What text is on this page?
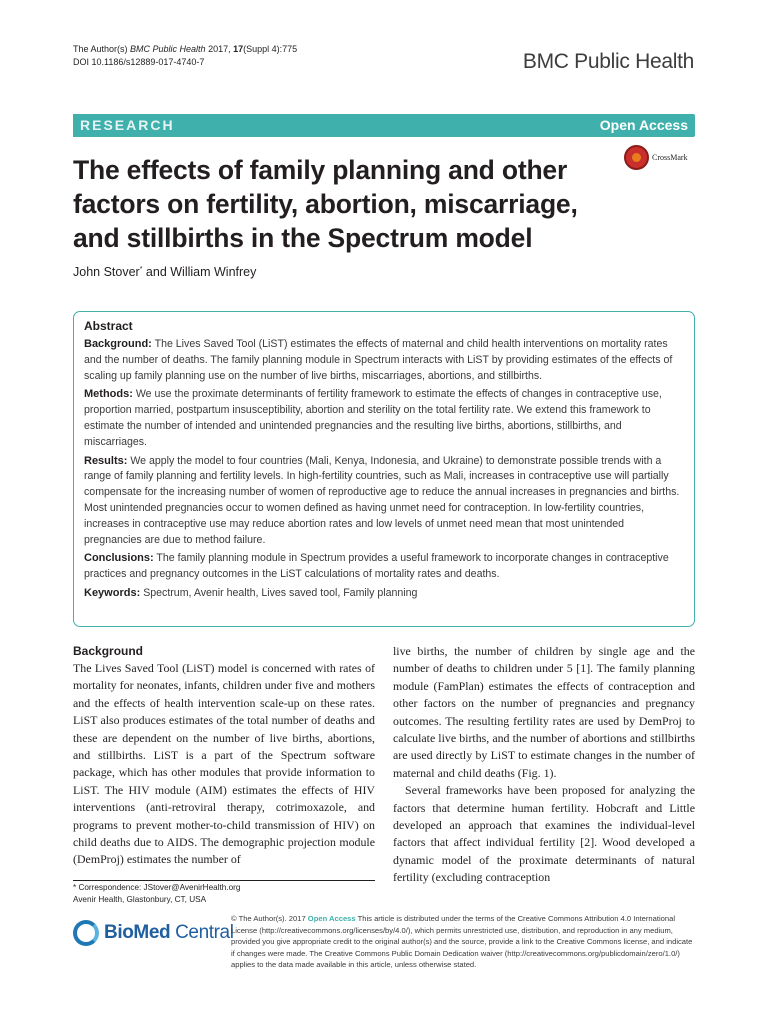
The Author(s) BMC Public Health 2017, 17(Suppl 4):775
DOI 10.1186/s12889-017-4740-7	BMC Public Health
RESEARCH	Open Access
The effects of family planning and other factors on fertility, abortion, miscarriage, and stillbirths in the Spectrum model
CrossMark
John Stover* and William Winfrey
Abstract

Background: The Lives Saved Tool (LiST) estimates the effects of maternal and child health interventions on mortality rates and the number of deaths. The family planning module in Spectrum interacts with LiST by providing estimates of the effects of scaling up family planning use on the number of live births, miscarriages, abortions, and stillbirths.

Methods: We use the proximate determinants of fertility framework to estimate the effects of changes in contraceptive use, proportion married, postpartum insusceptibility, abortion and sterility on the total fertility rate. We extend this framework to estimate the number of intended and unintended pregnancies and the resulting live births, abortions, stillbirths, and miscarriages.

Results: We apply the model to four countries (Mali, Kenya, Indonesia, and Ukraine) to demonstrate possible trends with a range of family planning and fertility levels. In high-fertility countries, such as Mali, increases in contraceptive use will partially compensate for the increasing number of women of reproductive age to reduce the annual increases in pregnancies and births. Most unintended pregnancies occur to women defined as having unmet need for contraception. In low-fertility countries, increases in contraceptive use may reduce abortion rates and low levels of unmet need mean that most unintended pregnancies are due to method failure.

Conclusions: The family planning module in Spectrum provides a useful framework to incorporate changes in contraceptive practices and pregnancy outcomes in the LiST calculations of mortality rates and deaths.

Keywords: Spectrum, Avenir health, Lives saved tool, Family planning

Background

The Lives Saved Tool (LiST) model is concerned with rates of mortality for neonates, infants, children under five and mothers and the effects of health intervention scale-up on these rates. LiST also produces estimates of the total number of deaths and these are dependent on the number of live births, abortions, and stillbirths. LiST is a part of the Spectrum software package, which has other modules that provide information to LiST. The HIV module (AIM) estimates the effects of HIV interventions (anti-retroviral therapy, cotrimoxazole, and programs to prevent mother-to-child transmission of HIV) on child deaths due to AIDS. The demographic projection module (DemProj) estimates the number of

live births, the number of children by single age and the number of deaths to children under 5 [1]. The family planning module (FamPlan) estimates the effects of contraception and other factors on the number of pregnancies and pregnancy outcomes. The resulting fertility rates are used by DemProj to calculate live births, and the number of abortions and stillbirths are used directly by LiST to estimate changes in the number of maternal and child deaths (Fig. 1).

Several frameworks have been proposed for analyzing the factors that determine human fertility. Hobcraft and Little developed an approach that examines the individual-level factors that affect individual fertility [2]. Wood developed a dynamic model of the proximate determinants of natural fertility (excluding contraception

* Correspondence: JStover@AvenirHealth.org
Avenir Health, Glastonbury, CT, USA
BioMed Central
© The Author(s). 2017 Open Access This article is distributed under the terms of the Creative Commons Attribution 4.0 International License (http://creativecommons.org/licenses/by/4.0/), which permits unrestricted use, distribution, and reproduction in any medium, provided you give appropriate credit to the original author(s) and the source, provide a link to the Creative Commons license, and indicate if changes were made. The Creative Commons Public Domain Dedication waiver (http://creativecommons.org/publicdomain/zero/1.0/) applies to the data made available in this article, unless otherwise stated.
